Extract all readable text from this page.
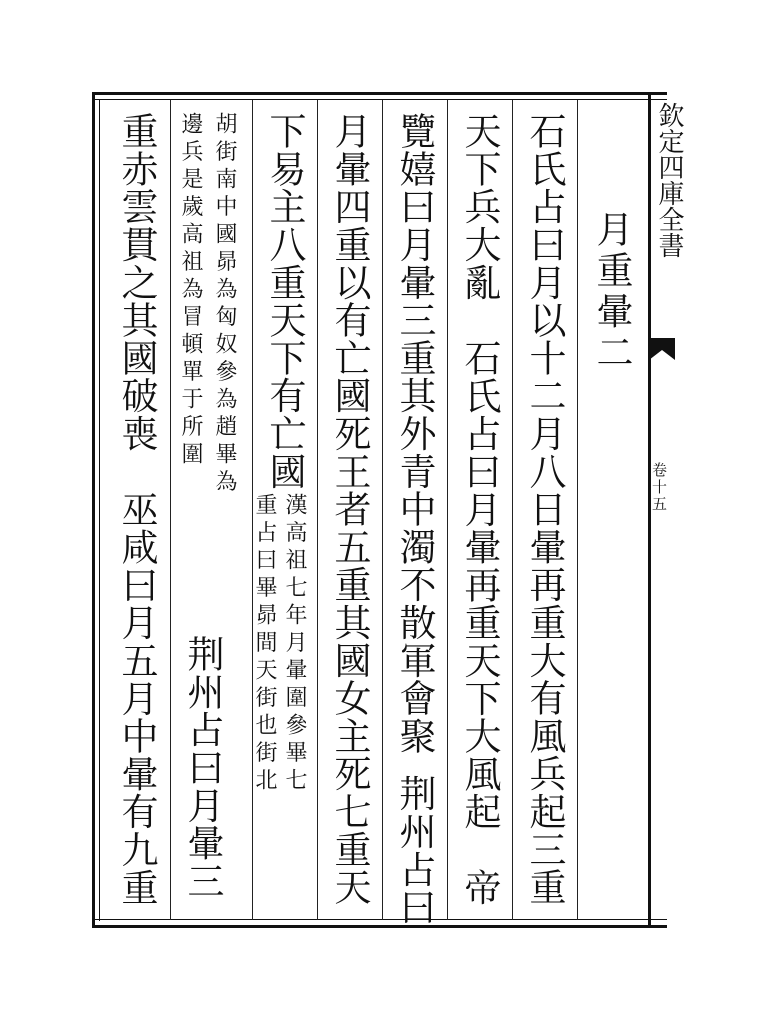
欽定四庫全書
卷十五
月重暈二
石氏占曰月以十二月八日暈再重大有風兵起三重
天下兵大亂石氏占曰月暈再重天下大風起帝
覽嬉曰月暈三重其外青中濁不散軍會聚荆州占曰
月暈四重以有亡國死王者五重其國女主死七重天
下易主八重天下有亡國
漢高祖七年月暈圍參畢七
重占曰畢昴間天街也街北
胡街南中國昴為匈奴參為趙畢為
邊兵是歲高祖為冒頓單于所圍
荆州占曰月暈三
重赤雲貫之其國破喪巫咸曰月五月中暈有九重
